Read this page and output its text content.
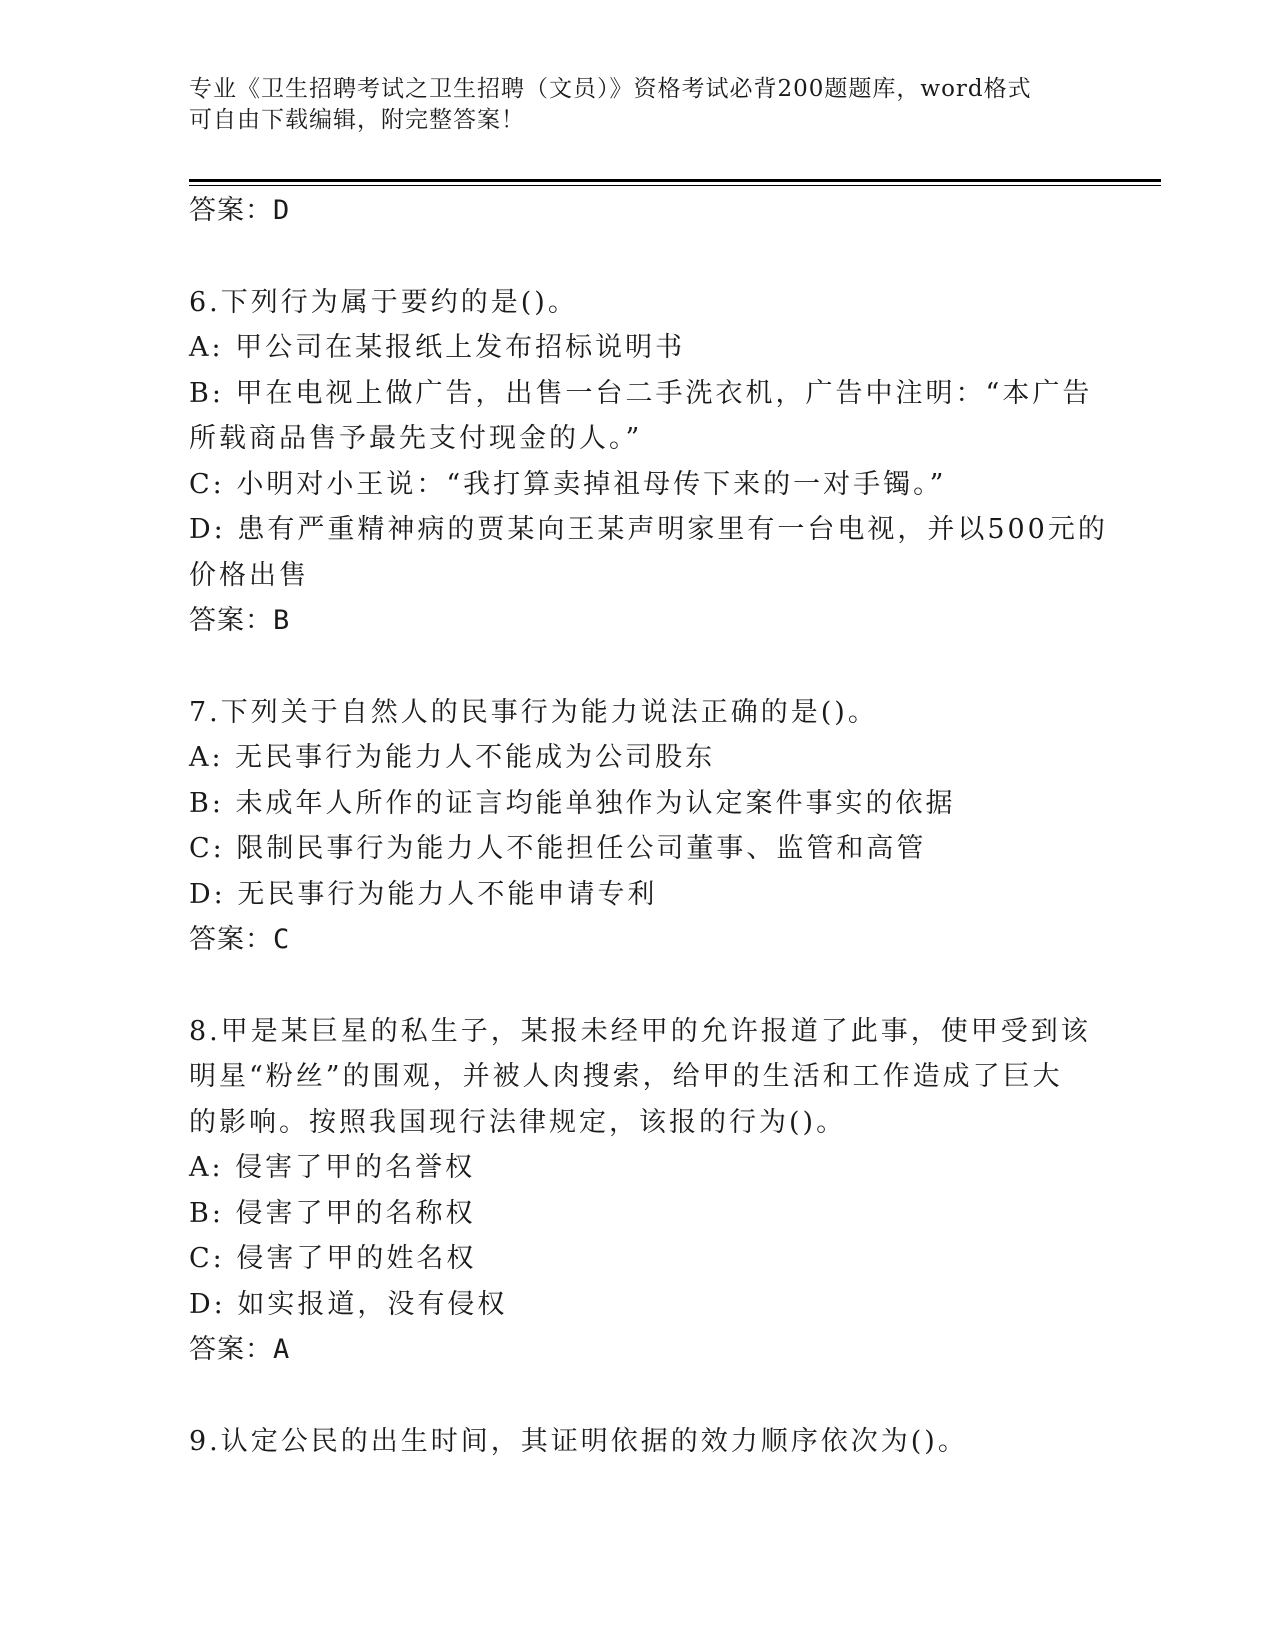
专业《卫生招聘考试之卫生招聘（文员）》资格考试必背200题题库，word格式
可自由下载编辑，附完整答案！
答案：D
6.下列行为属于要约的是()。
A: 甲公司在某报纸上发布招标说明书
B: 甲在电视上做广告，出售一台二手洗衣机，广告中注明：“本广告
所载商品售予最先支付现金的人。”
C: 小明对小王说：“我打算卖掉祖母传下来的一对手镯。”
D: 患有严重精神病的贾某向王某声明家里有一台电视，并以500元的
价格出售
答案：B
7.下列关于自然人的民事行为能力说法正确的是()。
A: 无民事行为能力人不能成为公司股东
B: 未成年人所作的证言均能单独作为认定案件事实的依据
C: 限制民事行为能力人不能担任公司董事、监管和高管
D: 无民事行为能力人不能申请专利
答案：C
8.甲是某巨星的私生子，某报未经甲的允许报道了此事，使甲受到该
明星“粉丝”的围观，并被人肉搜索，给甲的生活和工作造成了巨大
的影响。按照我国现行法律规定，该报的行为()。
A: 侵害了甲的名誉权
B: 侵害了甲的名称权
C: 侵害了甲的姓名权
D: 如实报道，没有侵权
答案：A
9.认定公民的出生时间，其证明依据的效力顺序依次为()。
